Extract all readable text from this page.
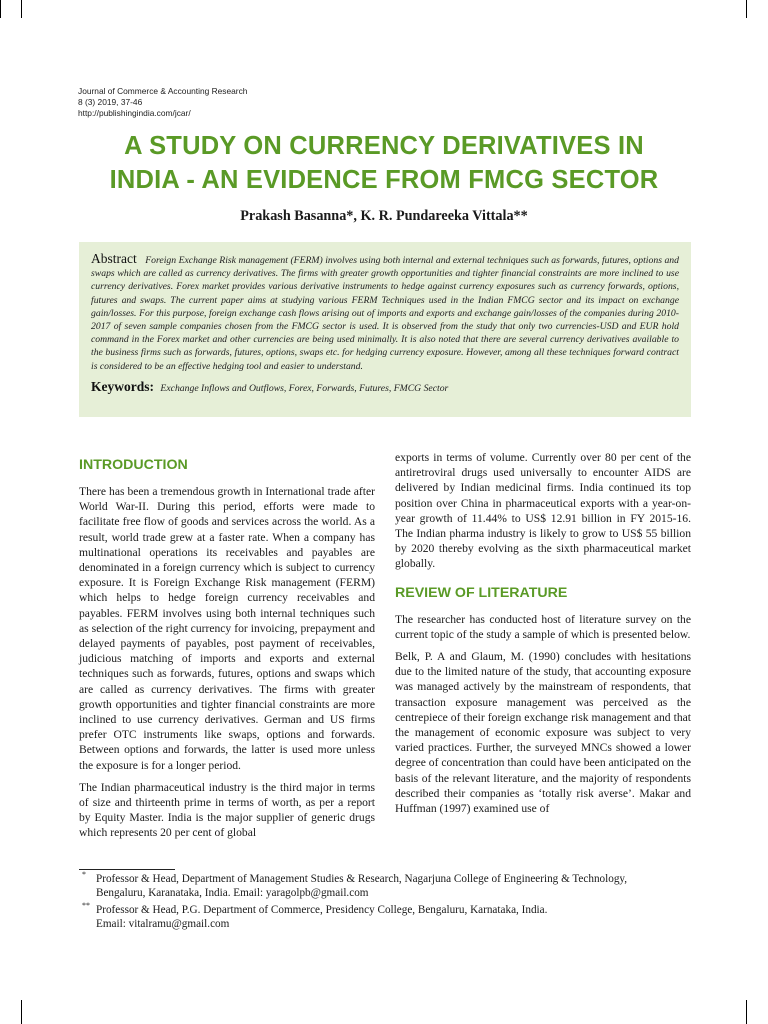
Journal of Commerce & Accounting Research
8 (3) 2019, 37-46
http://publishingindia.com/jcar/
A STUDY ON CURRENCY DERIVATIVES IN
INDIA - AN EVIDENCE FROM FMCG SECTOR
Prakash Basanna*, K. R. Pundareeka Vittala**
Abstract Foreign Exchange Risk management (FERM) involves using both internal and external techniques such as forwards, futures, options and swaps which are called as currency derivatives. The firms with greater growth opportunities and tighter financial constraints are more inclined to use currency derivatives. Forex market provides various derivative instruments to hedge against currency exposures such as currency forwards, options, futures and swaps. The current paper aims at studying various FERM Techniques used in the Indian FMCG sector and its impact on exchange gain/losses. For this purpose, foreign exchange cash flows arising out of imports and exports and exchange gain/losses of the companies during 2010-2017 of seven sample companies chosen from the FMCG sector is used. It is observed from the study that only two currencies-USD and EUR hold command in the Forex market and other currencies are being used minimally. It is also noted that there are several currency derivatives available to the business firms such as forwards, futures, options, swaps etc. for hedging currency exposure. However, among all these techniques forward contract is considered to be an effective hedging tool and easier to understand.
Keywords: Exchange Inflows and Outflows, Forex, Forwards, Futures, FMCG Sector
INTRODUCTION

There has been a tremendous growth in International trade after World War-II. During this period, efforts were made to facilitate free flow of goods and services across the world. As a result, world trade grew at a faster rate. When a company has multinational operations its receivables and payables are denominated in a foreign currency which is subject to currency exposure. It is Foreign Exchange Risk management (FERM) which helps to hedge foreign currency receivables and payables. FERM involves using both internal techniques such as selection of the right currency for invoicing, prepayment and delayed payments of payables, post payment of receivables, judicious matching of imports and exports and external techniques such as forwards, futures, options and swaps which are called as currency derivatives. The firms with greater growth opportunities and tighter financial constraints are more inclined to use currency derivatives. German and US firms prefer OTC instruments like swaps, options and forwards. Between options and forwards, the latter is used more unless the exposure is for a longer period.

The Indian pharmaceutical industry is the third major in terms of size and thirteenth prime in terms of worth, as per a report by Equity Master. India is the major supplier of generic drugs which represents 20 per cent of global

exports in terms of volume. Currently over 80 per cent of the antiretroviral drugs used universally to encounter AIDS are delivered by Indian medicinal firms. India continued its top position over China in pharmaceutical exports with a year-on-year growth of 11.44% to US$ 12.91 billion in FY 2015-16. The Indian pharma industry is likely to grow to US$ 55 billion by 2020 thereby evolving as the sixth pharmaceutical market globally.

REVIEW OF LITERATURE

The researcher has conducted host of literature survey on the current topic of the study a sample of which is presented below.

Belk, P. A and Glaum, M. (1990) concludes with hesitations due to the limited nature of the study, that accounting exposure was managed actively by the mainstream of respondents, that transaction exposure management was perceived as the centrepiece of their foreign exchange risk management and that the management of economic exposure was subject to very varied practices. Further, the surveyed MNCs showed a lower degree of concentration than could have been anticipated on the basis of the relevant literature, and the majority of respondents described their companies as ‘totally risk averse’. Makar and Huffman (1997) examined use of

* Professor & Head, Department of Management Studies & Research, Nagarjuna College of Engineering & Technology,
Bengaluru, Karanataka, India. Email: yaragolpb@gmail.com
** Professor & Head, P.G. Department of Commerce, Presidency College, Bengaluru, Karnataka, India.
Email: vitalramu@gmail.com
